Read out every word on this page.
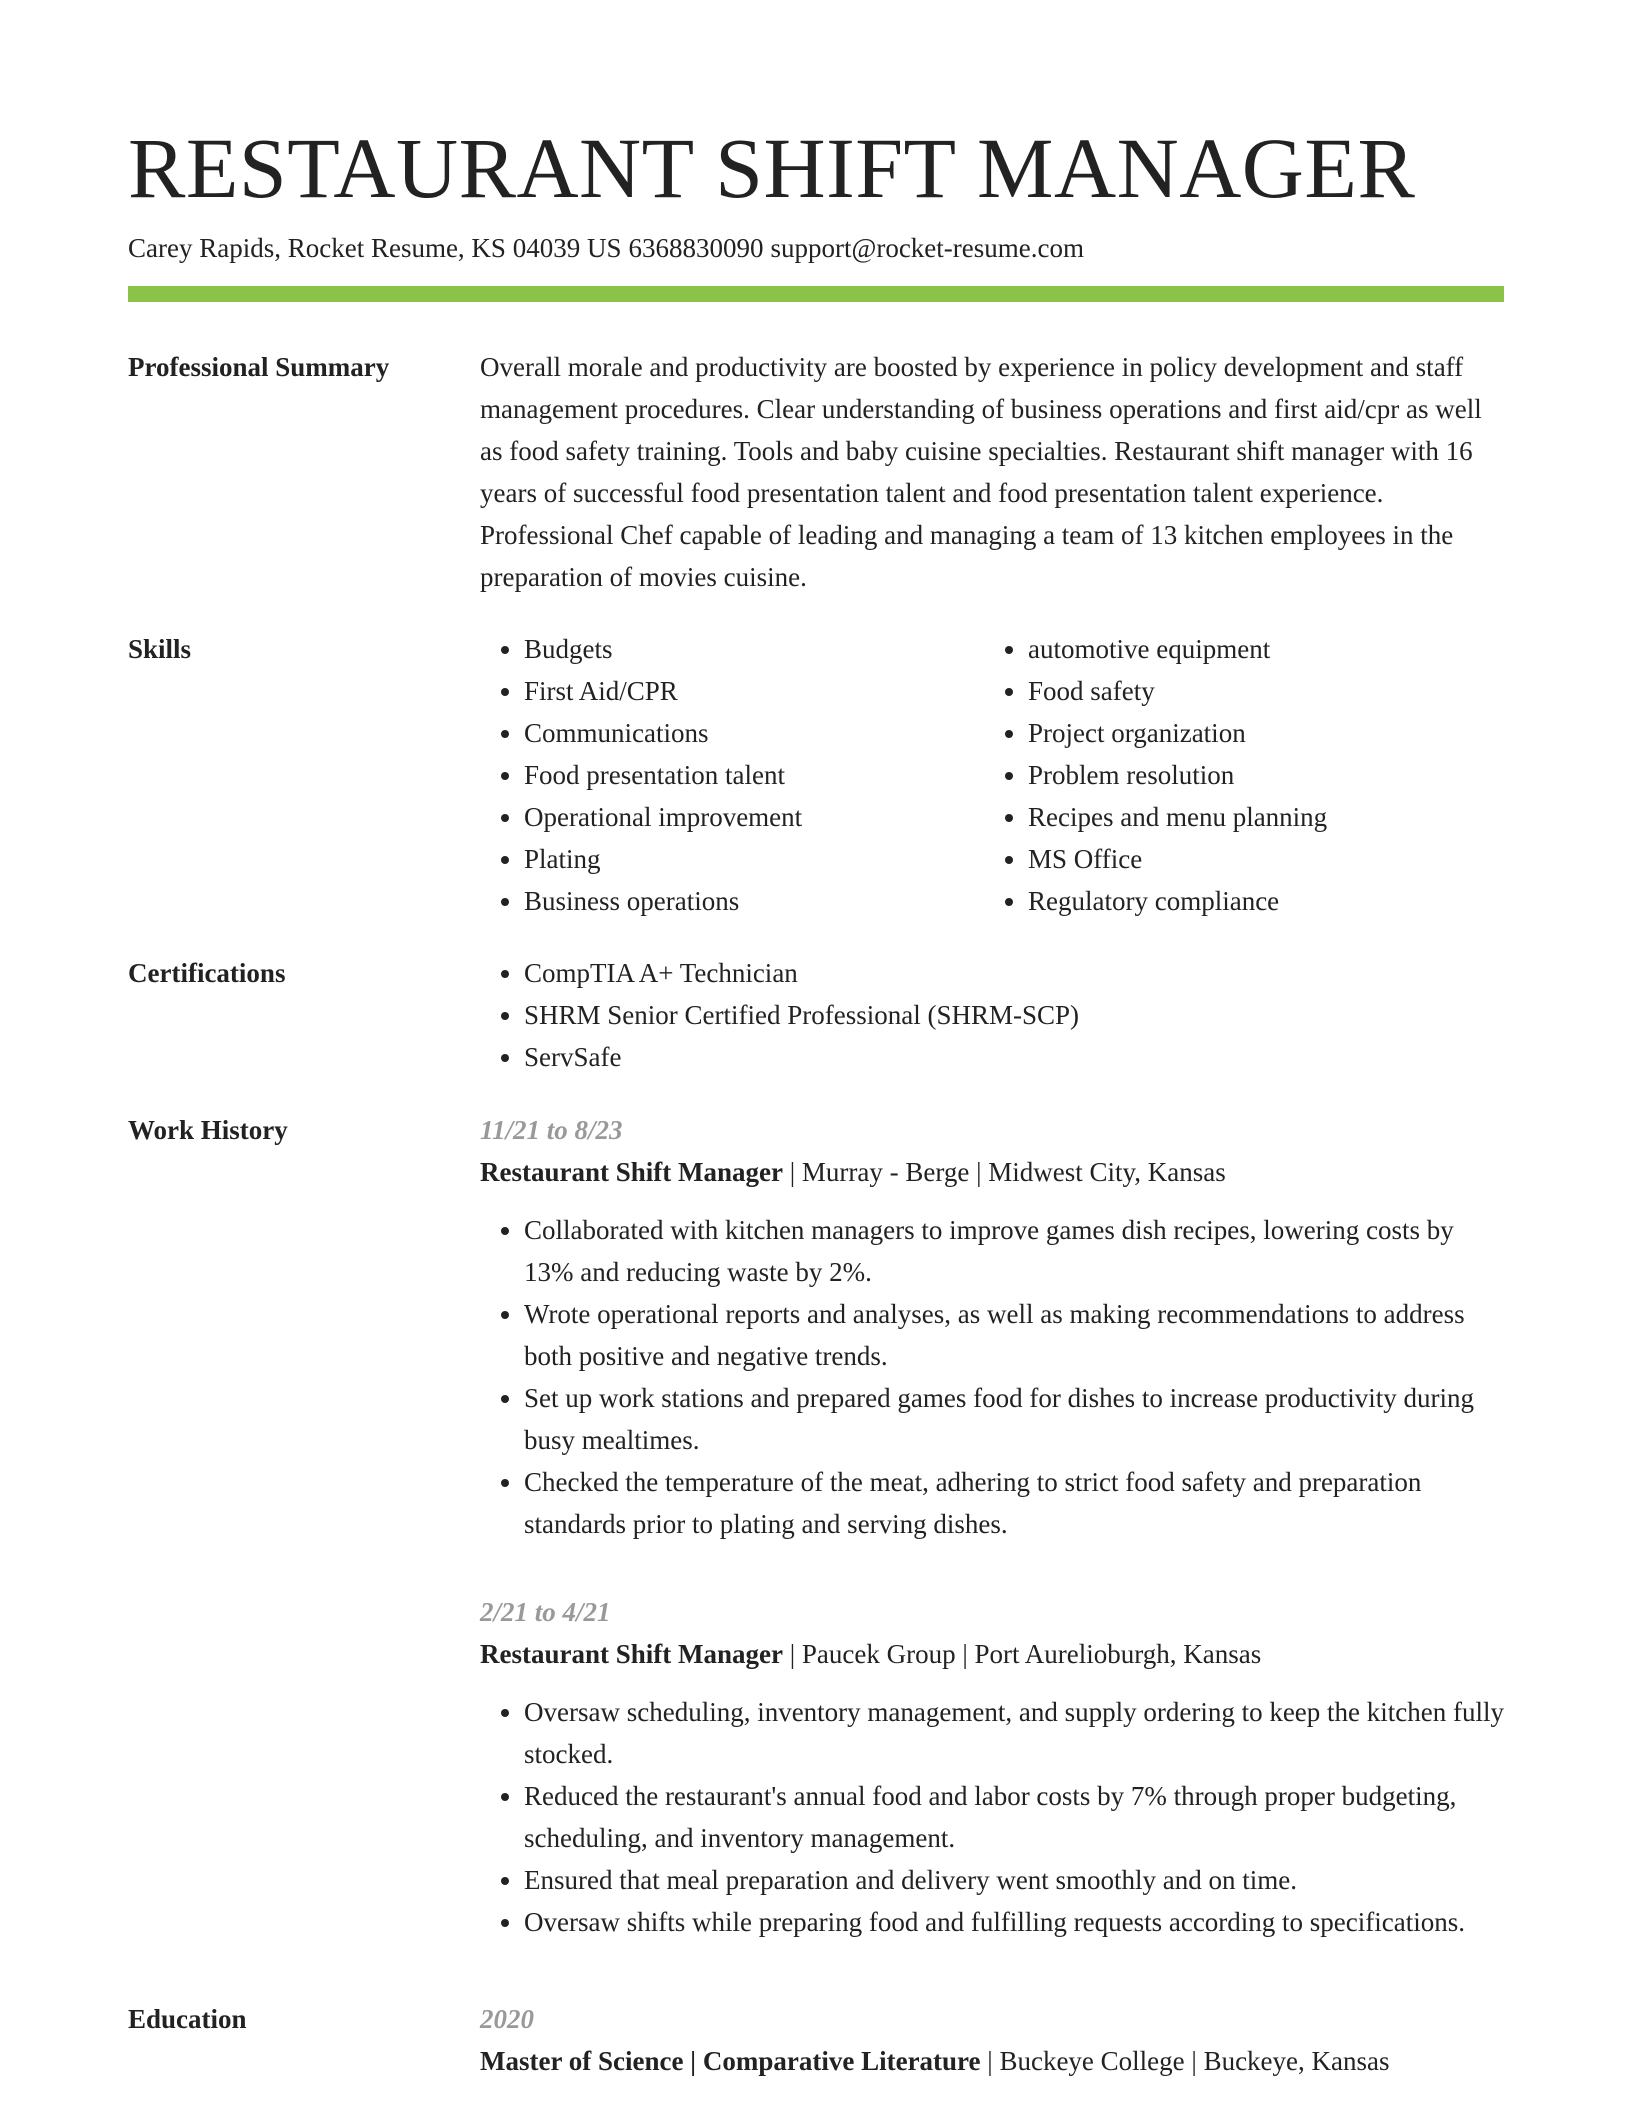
RESTAURANT SHIFT MANAGER
Carey Rapids, Rocket Resume, KS 04039 US 6368830090 support@rocket-resume.com
Professional Summary	Overall morale and productivity are boosted by experience in policy development and staff management procedures. Clear understanding of business operations and first aid/cpr as well as food safety training. Tools and baby cuisine specialties. Restaurant shift manager with 16 years of successful food presentation talent and food presentation talent experience. Professional Chef capable of leading and managing a team of 13 kitchen employees in the preparation of movies cuisine.

Skills	• Budgets
• First Aid/CPR
• Communications
• Food presentation talent
• Operational improvement
• Plating
• Business operations
• automotive equipment
• Food safety
• Project organization
• Problem resolution
• Recipes and menu planning
• MS Office
• Regulatory compliance
Certifications	• CompTIA A+ Technician
• SHRM Senior Certified Professional (SHRM-SCP)
• ServSafe
Work History	11/21 to 8/23
Restaurant Shift Manager | Murray - Berge | Midwest City, Kansas
• Collaborated with kitchen managers to improve games dish recipes, lowering costs by 13% and reducing waste by 2%.
• Wrote operational reports and analyses, as well as making recommendations to address both positive and negative trends.
• Set up work stations and prepared games food for dishes to increase productivity during busy mealtimes.
• Checked the temperature of the meat, adhering to strict food safety and preparation standards prior to plating and serving dishes.
2/21 to 4/21
Restaurant Shift Manager | Paucek Group | Port Aurelioburgh, Kansas
• Oversaw scheduling, inventory management, and supply ordering to keep the kitchen fully stocked.
• Reduced the restaurant's annual food and labor costs by 7% through proper budgeting, scheduling, and inventory management.
• Ensured that meal preparation and delivery went smoothly and on time.
• Oversaw shifts while preparing food and fulfilling requests according to specifications.
Education	2020
Master of Science | Comparative Literature | Buckeye College | Buckeye, Kansas
